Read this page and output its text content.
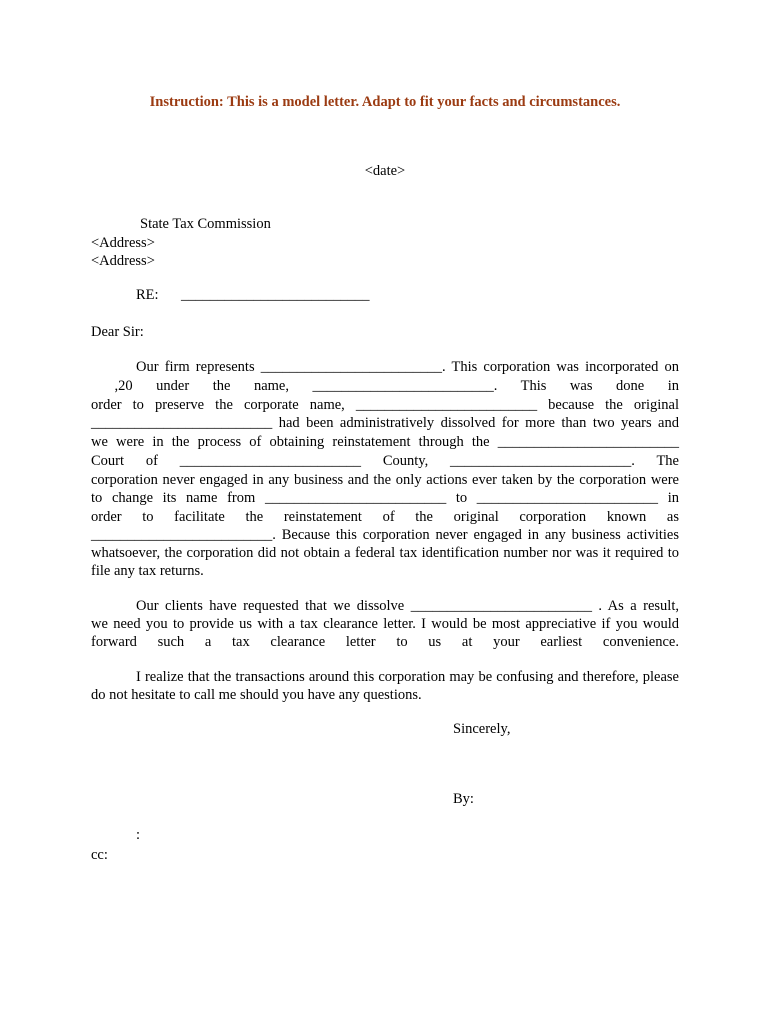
Instruction: This is a model letter. Adapt to fit your facts and circumstances.
<date>
State Tax Commission
<Address>
<Address>
RE: __________________________
Dear Sir:
Our firm represents _________________________. This corporation was incorporated on
,20 under the name, _________________________. This was done in
order to preserve the corporate name, _________________________ because the original
_________________________ had been administratively dissolved for more than two years and
we were in the process of obtaining reinstatement through the _________________________
Court of _________________________ County, _________________________. The
corporation never engaged in any business and the only actions ever taken by the corporation were
to change its name from _________________________ to _________________________ in
order to facilitate the reinstatement of the original corporation known as
_________________________. Because this corporation never engaged in any business activities
whatsoever, the corporation did not obtain a federal tax identification number nor was it required to
file any tax returns.
Our clients have requested that we dissolve _________________________ . As a result,
we need you to provide us with a tax clearance letter. I would be most appreciative if you would
forward such a tax clearance letter to us at your earliest convenience.
I realize that the transactions around this corporation may be confusing and therefore, please
do not hesitate to call me should you have any questions.
Sincerely,
By:
:
cc:
